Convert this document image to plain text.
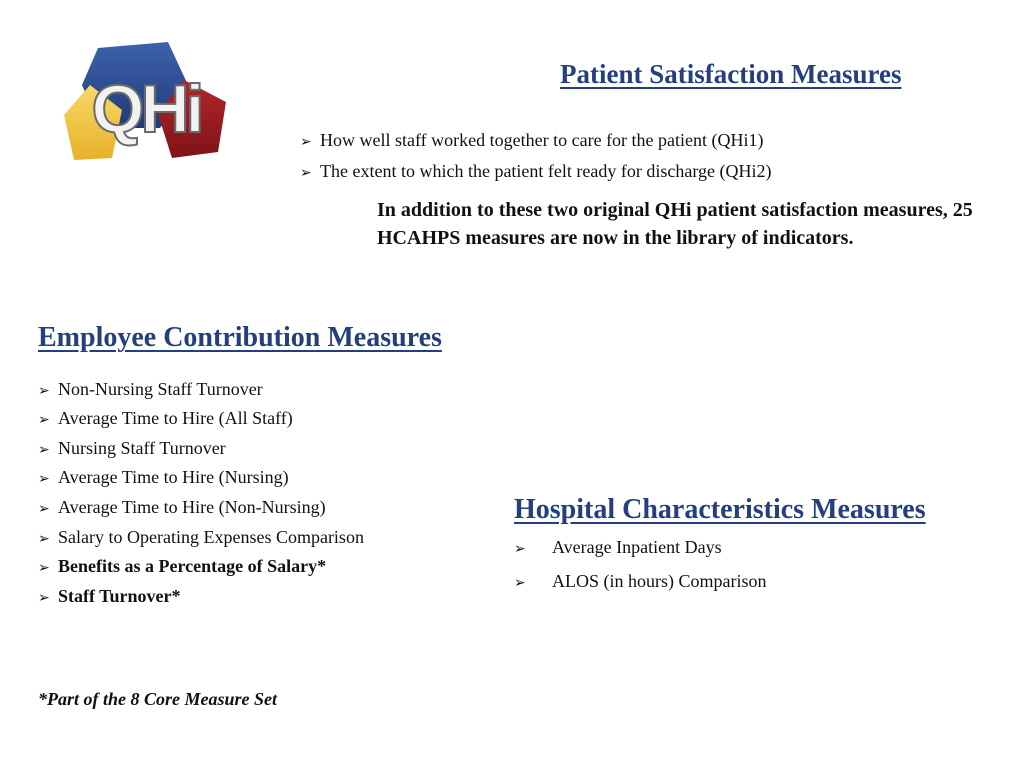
QHi	Patient Satisfaction Measures
➢ How well staff worked together to care for the patient (QHi1)
➢ The extent to which the patient felt ready for discharge (QHi2)
In addition to these two original QHi patient satisfaction measures, 25 HCAHPS measures are now in the library of indicators.
Employee Contribution Measures
➢ Non-Nursing Staff Turnover
➢ Average Time to Hire (All Staff)
➢ Nursing Staff Turnover
➢ Average Time to Hire (Nursing)
➢ Average Time to Hire (Non-Nursing)
➢ Salary to Operating Expenses Comparison
➢ Benefits as a Percentage of Salary*
➢ Staff Turnover*
Hospital Characteristics Measures
➢ Average Inpatient Days
➢ ALOS (in hours) Comparison
*Part of the 8 Core Measure Set
